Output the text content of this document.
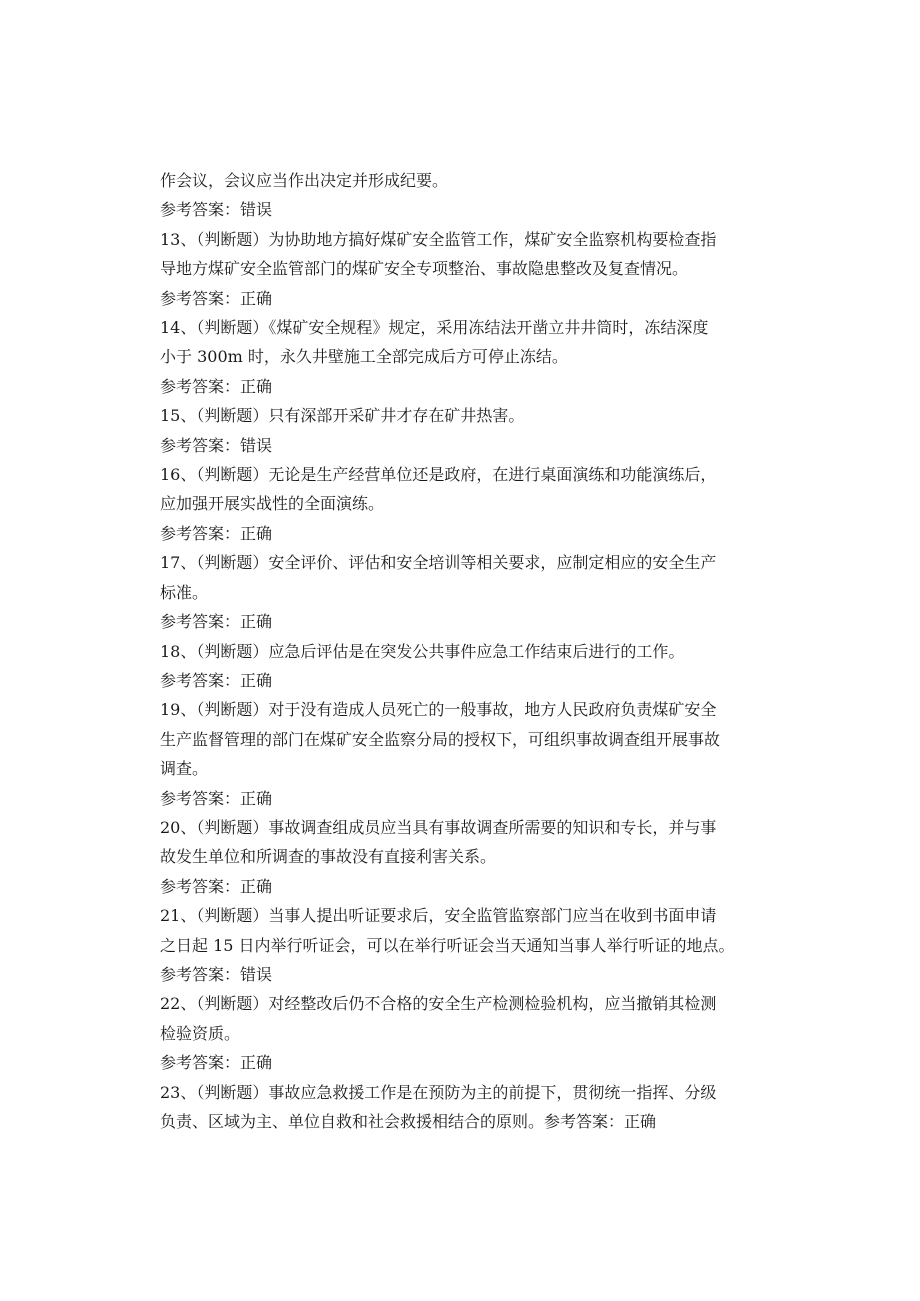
作会议，会议应当作出决定并形成纪要。

参考答案：错误

13、（判断题）为协助地方搞好煤矿安全监管工作，煤矿安全监察机构要检查指
导地方煤矿安全监管部门的煤矿安全专项整治、事故隐患整改及复查情况。

参考答案：正确

14、（判断题）《煤矿安全规程》规定，采用冻结法开凿立井井筒时，冻结深度
小于 300m 时，永久井壁施工全部完成后方可停止冻结。

参考答案：正确

15、（判断题）只有深部开采矿井才存在矿井热害。

参考答案：错误

16、（判断题）无论是生产经营单位还是政府，在进行桌面演练和功能演练后，
应加强开展实战性的全面演练。

参考答案：正确

17、（判断题）安全评价、评估和安全培训等相关要求，应制定相应的安全生产
标准。

参考答案：正确

18、（判断题）应急后评估是在突发公共事件应急工作结束后进行的工作。

参考答案：正确

19、（判断题）对于没有造成人员死亡的一般事故，地方人民政府负责煤矿安全
生产监督管理的部门在煤矿安全监察分局的授权下，可组织事故调查组开展事故
调查。

参考答案：正确

20、（判断题）事故调查组成员应当具有事故调查所需要的知识和专长，并与事
故发生单位和所调查的事故没有直接利害关系。

参考答案：正确

21、（判断题）当事人提出听证要求后，安全监管监察部门应当在收到书面申请
之日起 15 日内举行听证会，可以在举行听证会当天通知当事人举行听证的地点。

参考答案：错误

22、（判断题）对经整改后仍不合格的安全生产检测检验机构，应当撤销其检测
检验资质。

参考答案：正确

23、（判断题）事故应急救援工作是在预防为主的前提下，贯彻统一指挥、分级
负责、区域为主、单位自救和社会救援相结合的原则。参考答案：正确
